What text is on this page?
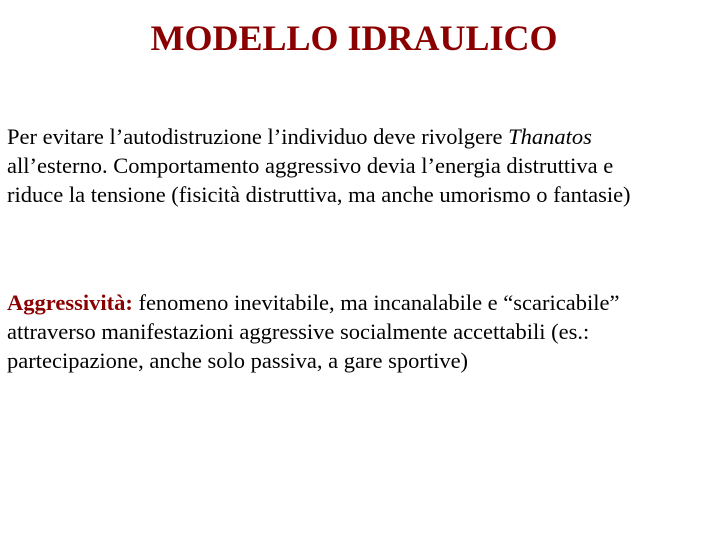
MODELLO IDRAULICO

Per evitare l’autodistruzione l’individuo deve rivolgere Thanatos
all’esterno. Comportamento aggressivo devia l’energia distruttiva e
riduce la tensione (fisicità distruttiva, ma anche umorismo o fantasie)

Aggressività: fenomeno inevitabile, ma incanalabile e “scaricabile”
attraverso manifestazioni aggressive socialmente accettabili (es.:
partecipazione, anche solo passiva, a gare sportive)
